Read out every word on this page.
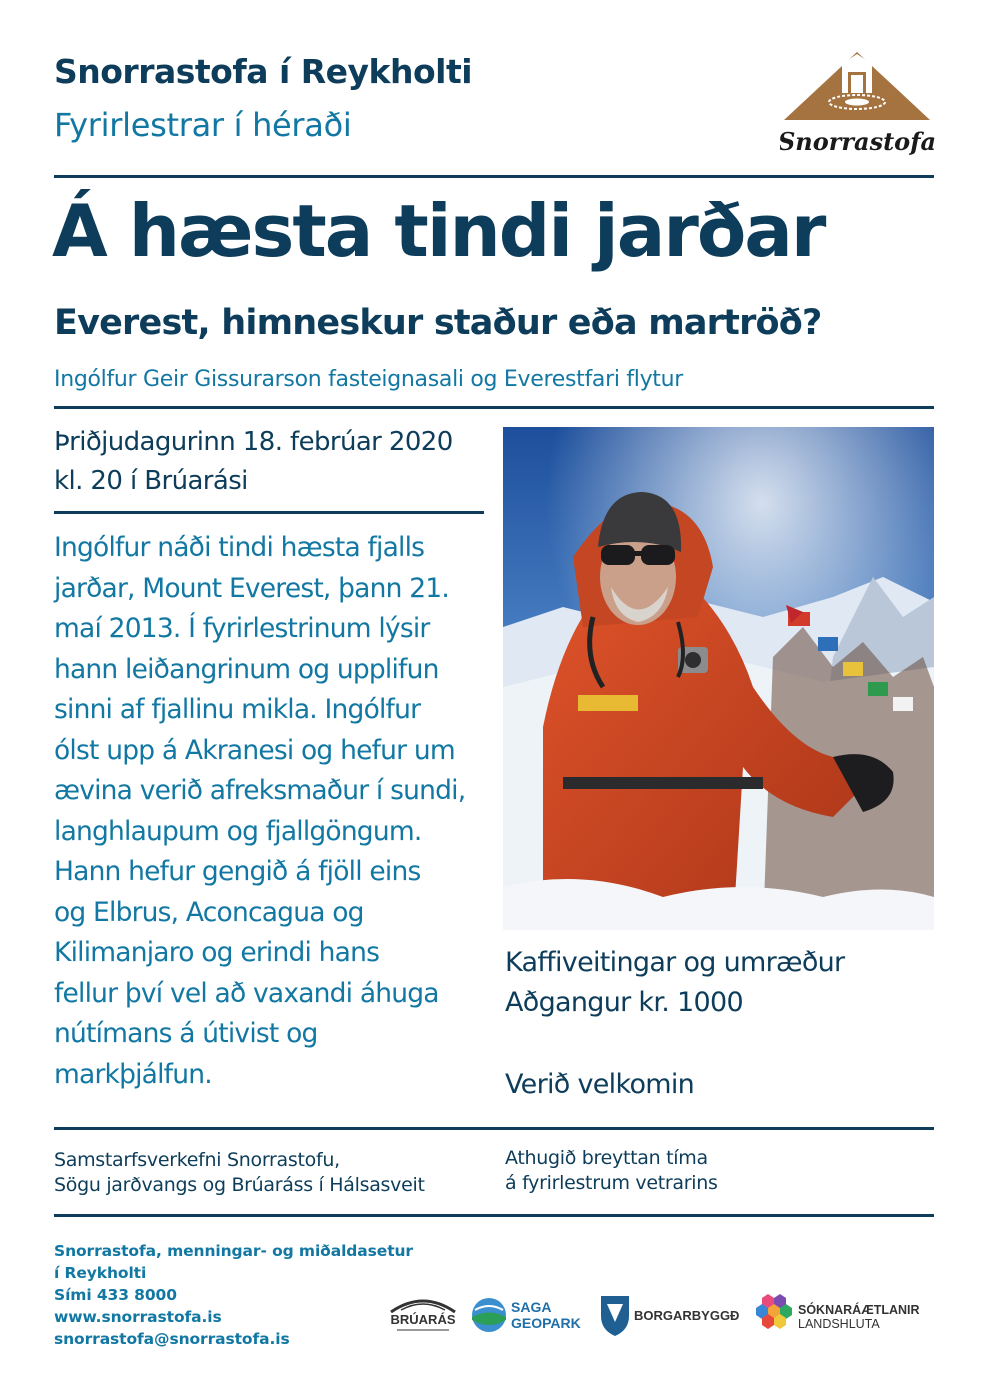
Snorrastofa í Reykholti
Fyrirlestrar í héraði	Snorrastofa
Á hæsta tindi jarðar
Everest, himneskur staður eða martröð?
Ingólfur Geir Gissurarson fasteignasali og Everestfari flytur
Þriðjudagurinn 18. febrúar 2020
kl. 20 í Brúarási
Ingólfur náði tindi hæsta fjalls
jarðar, Mount Everest, þann 21.
maí 2013. Í fyrirlestrinum lýsir
hann leiðangrinum og upplifun
sinni af fjallinu mikla. Ingólfur
ólst upp á Akranesi og hefur um
ævina verið afreksmaður í sundi,
langhlaupum og fjallgöngum.
Hann hefur gengið á fjöll eins
og Elbrus, Aconcagua og
Kilimanjaro og erindi hans
fellur því vel að vaxandi áhuga
nútímans á útivist og
markþjálfun.
Kaffiveitingar og umræður
Aðgangur kr. 1000
Verið velkomin
Samstarfsverkefni Snorrastofu,
Sögu jarðvangs og Brúaráss í Hálsasveit
Athugið breyttan tíma
á fyrirlestrum vetrarins
Snorrastofa, menningar- og miðaldasetur
í Reykholti
Sími 433 8000
www.snorrastofa.is
snorrastofa@snorrastofa.is
BRÚARÁS
SAGA
GEOPARK	BORGARBYGGÐ	SÓKNARÁÆTLANIR
LANDSHLUTA
